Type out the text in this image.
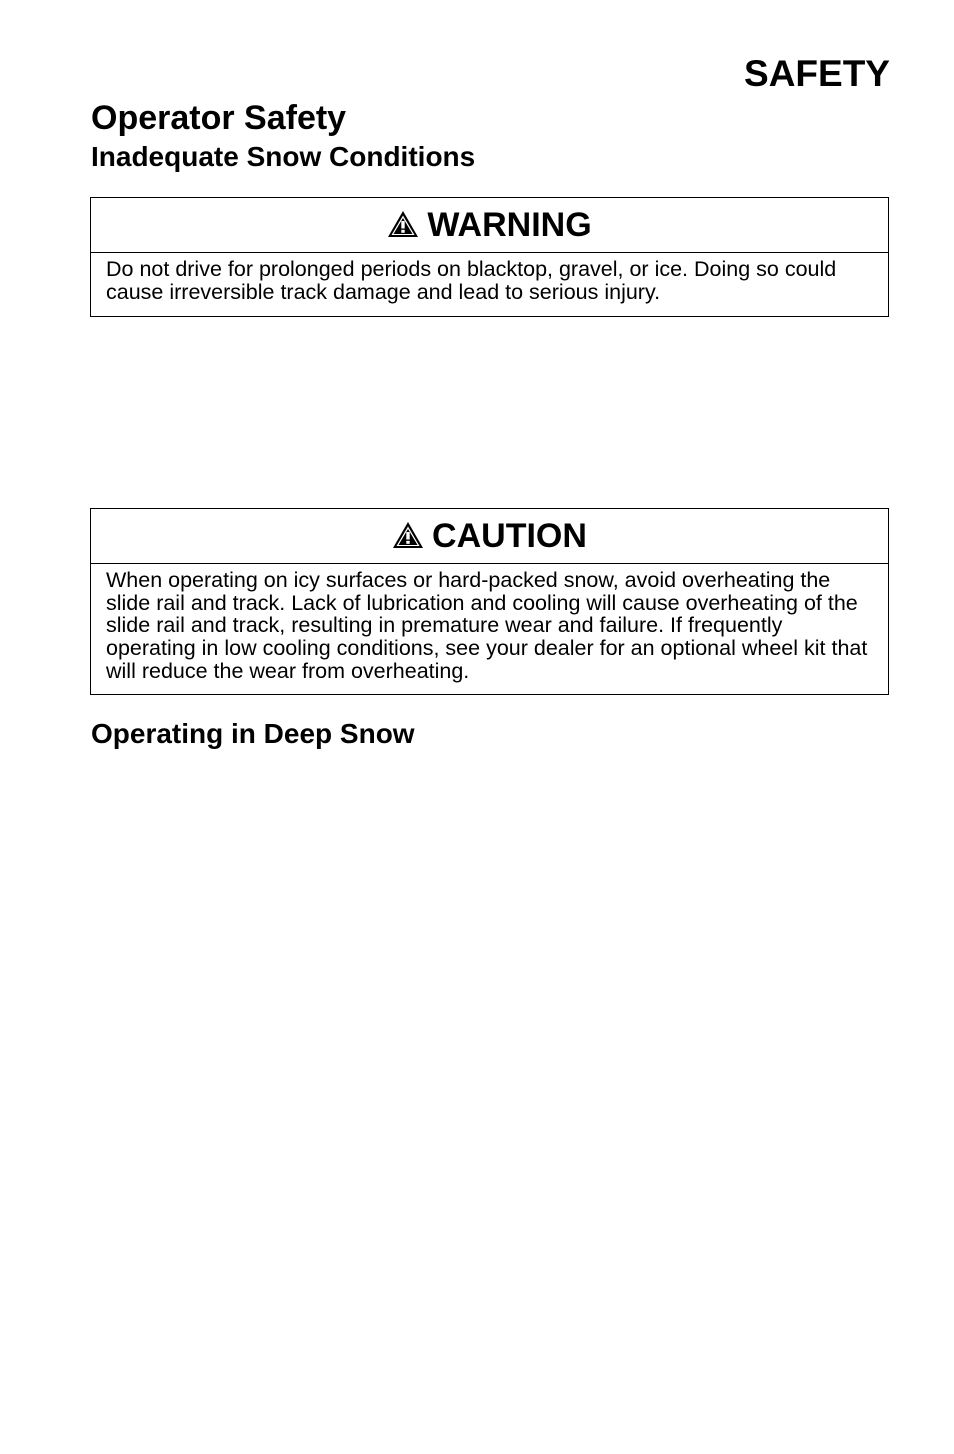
SAFETY
Operator Safety
Inadequate Snow Conditions
WARNING

Do not drive for prolonged periods on blacktop, gravel, or ice. Doing so could cause irreversible track damage and lead to serious injury.

CAUTION

When operating on icy surfaces or hard-packed snow, avoid overheating the slide rail and track. Lack of lubrication and cooling will cause overheating of the slide rail and track, resulting in premature wear and failure. If frequently operating in low cooling conditions, see your dealer for an optional wheel kit that will reduce the wear from overheating.

Operating in Deep Snow
